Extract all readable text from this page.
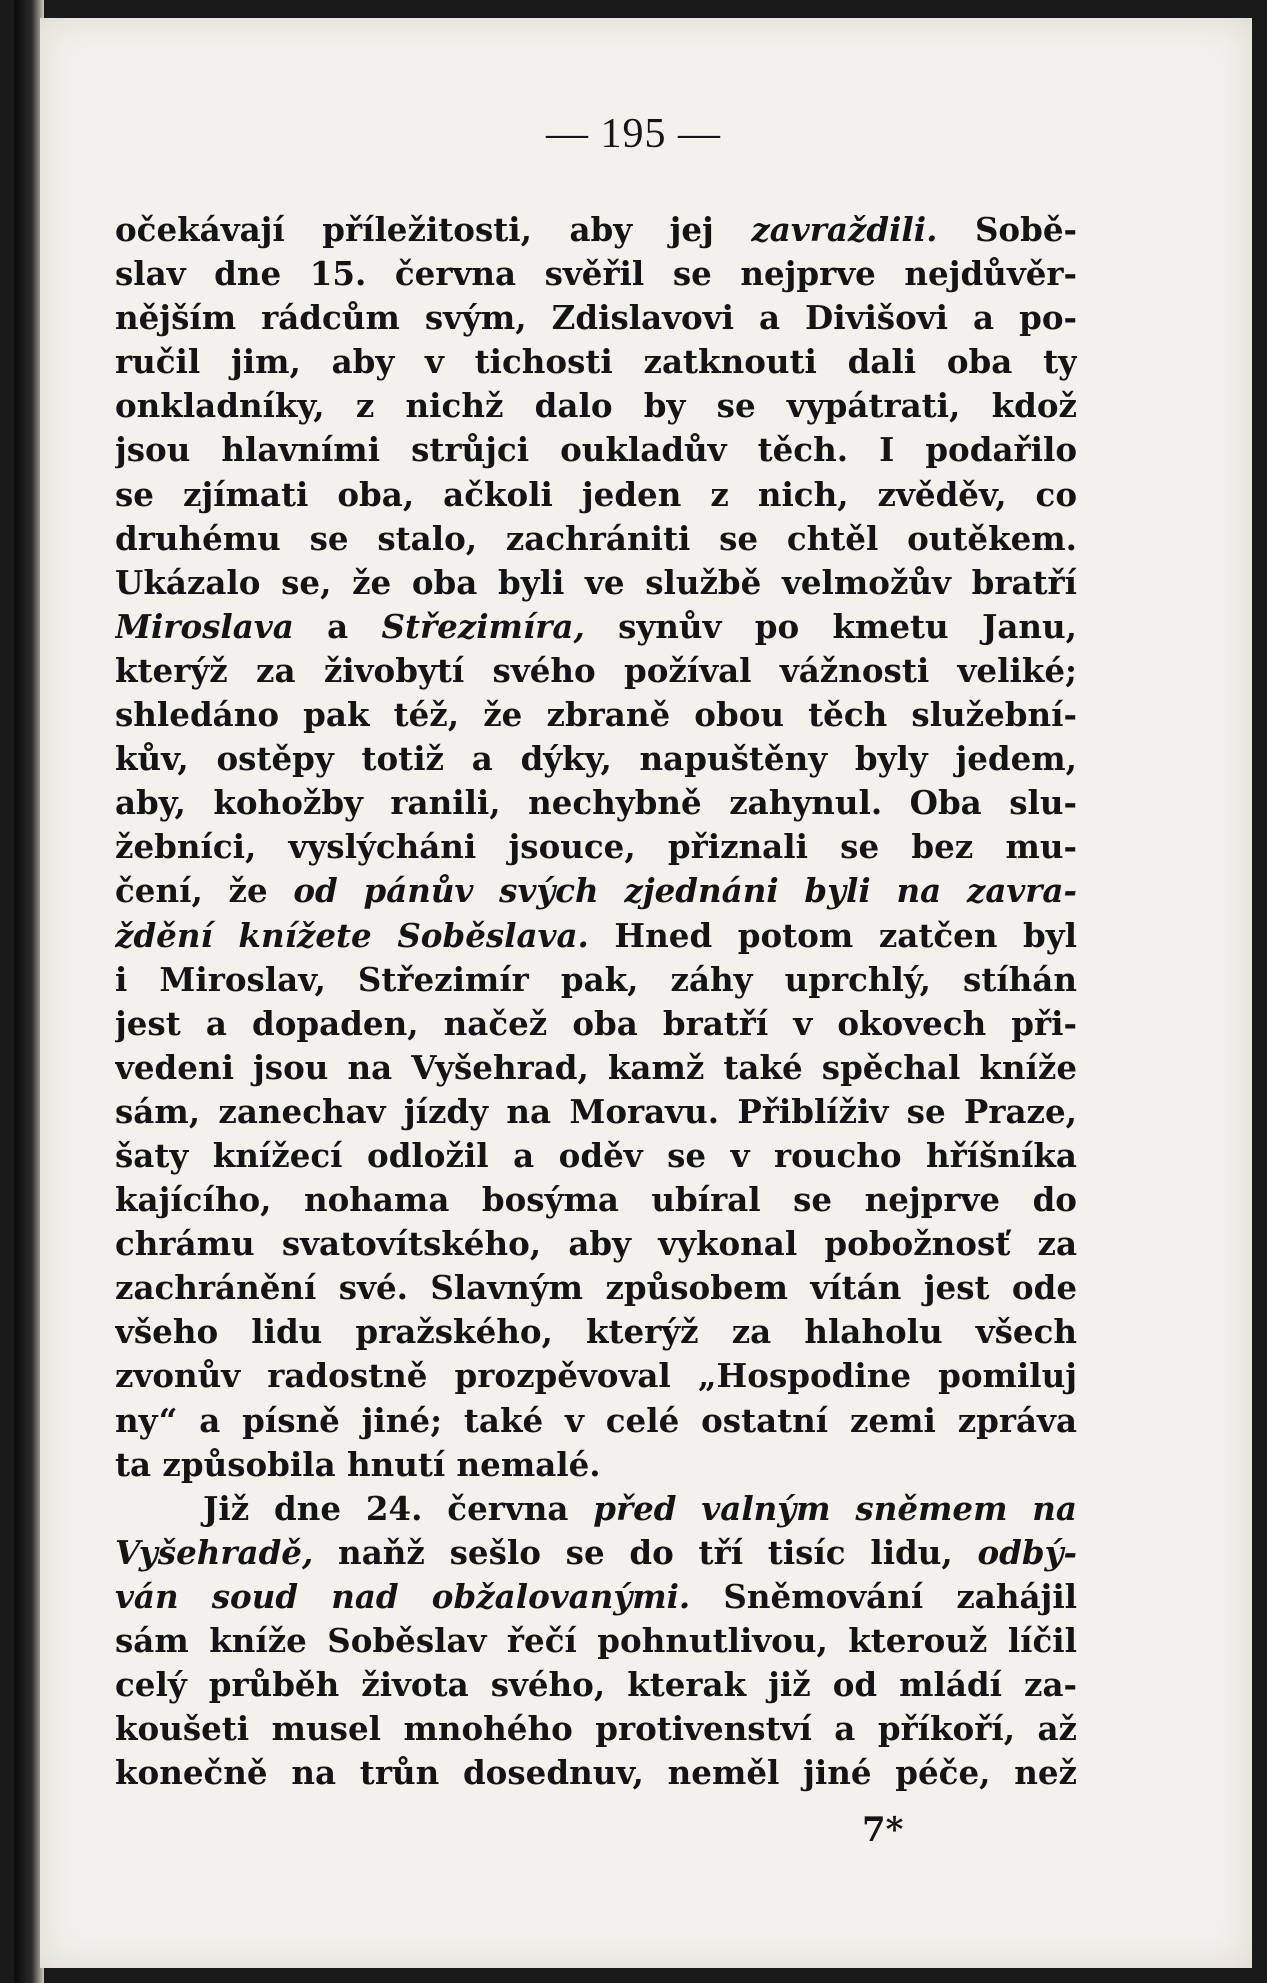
— 195 —
očekávají příležitosti, aby jej zavraždili. Sobě-
slav dne 15. června svěřil se nejprve nejdůvěr-
nějším rádcům svým, Zdislavovi a Divišovi a po-
ručil jim, aby v tichosti zatknouti dali oba ty
onkladníky, z nichž dalo by se vypátrati, kdož
jsou hlavními strůjci oukladův těch. I podařilo
se zjímati oba, ačkoli jeden z nich, zvěděv, co
druhému se stalo, zachrániti se chtěl outěkem.
Ukázalo se, že oba byli ve službě velmožův bratří
Miroslava a Střezimíra, synův po kmetu Janu,
kterýž za živobytí svého požíval vážnosti veliké;
shledáno pak též, že zbraně obou těch služební-
kův, ostěpy totiž a dýky, napuštěny byly jedem,
aby, kohožby ranili, nechybně zahynul. Oba slu-
žebníci, vyslýcháni jsouce, přiznali se bez mu-
čení, že od pánův svých zjednáni byli na zavra-
ždění knížete Soběslava. Hned potom zatčen byl
i Miroslav, Střezimír pak, záhy uprchlý, stíhán
jest a dopaden, načež oba bratří v okovech při-
vedeni jsou na Vyšehrad, kamž také spěchal kníže
sám, zanechav jízdy na Moravu. Přiblíživ se Praze,
šaty knížecí odložil a oděv se v roucho hříšníka
kajícího, nohama bosýma ubíral se nejprve do
chrámu svatovítského, aby vykonal pobožnosť za
zachránění své. Slavným způsobem vítán jest ode
všeho lidu pražského, kterýž za hlaholu všech
zvonův radostně prozpěvoval „Hospodine pomiluj
ny“ a písně jiné; také v celé ostatní zemi zpráva
ta způsobila hnutí nemalé.
Již dne 24. června před valným sněmem na
Vyšehradě, naňž sešlo se do tří tisíc lidu, odbý-
ván soud nad obžalovanými. Sněmování zahájil
sám kníže Soběslav řečí pohnutlivou, kterouž líčil
celý průběh života svého, kterak již od mládí za-
koušeti musel mnohého protivenství a příkoří, až
konečně na trůn dosednuv, neměl jiné péče, než
7*
